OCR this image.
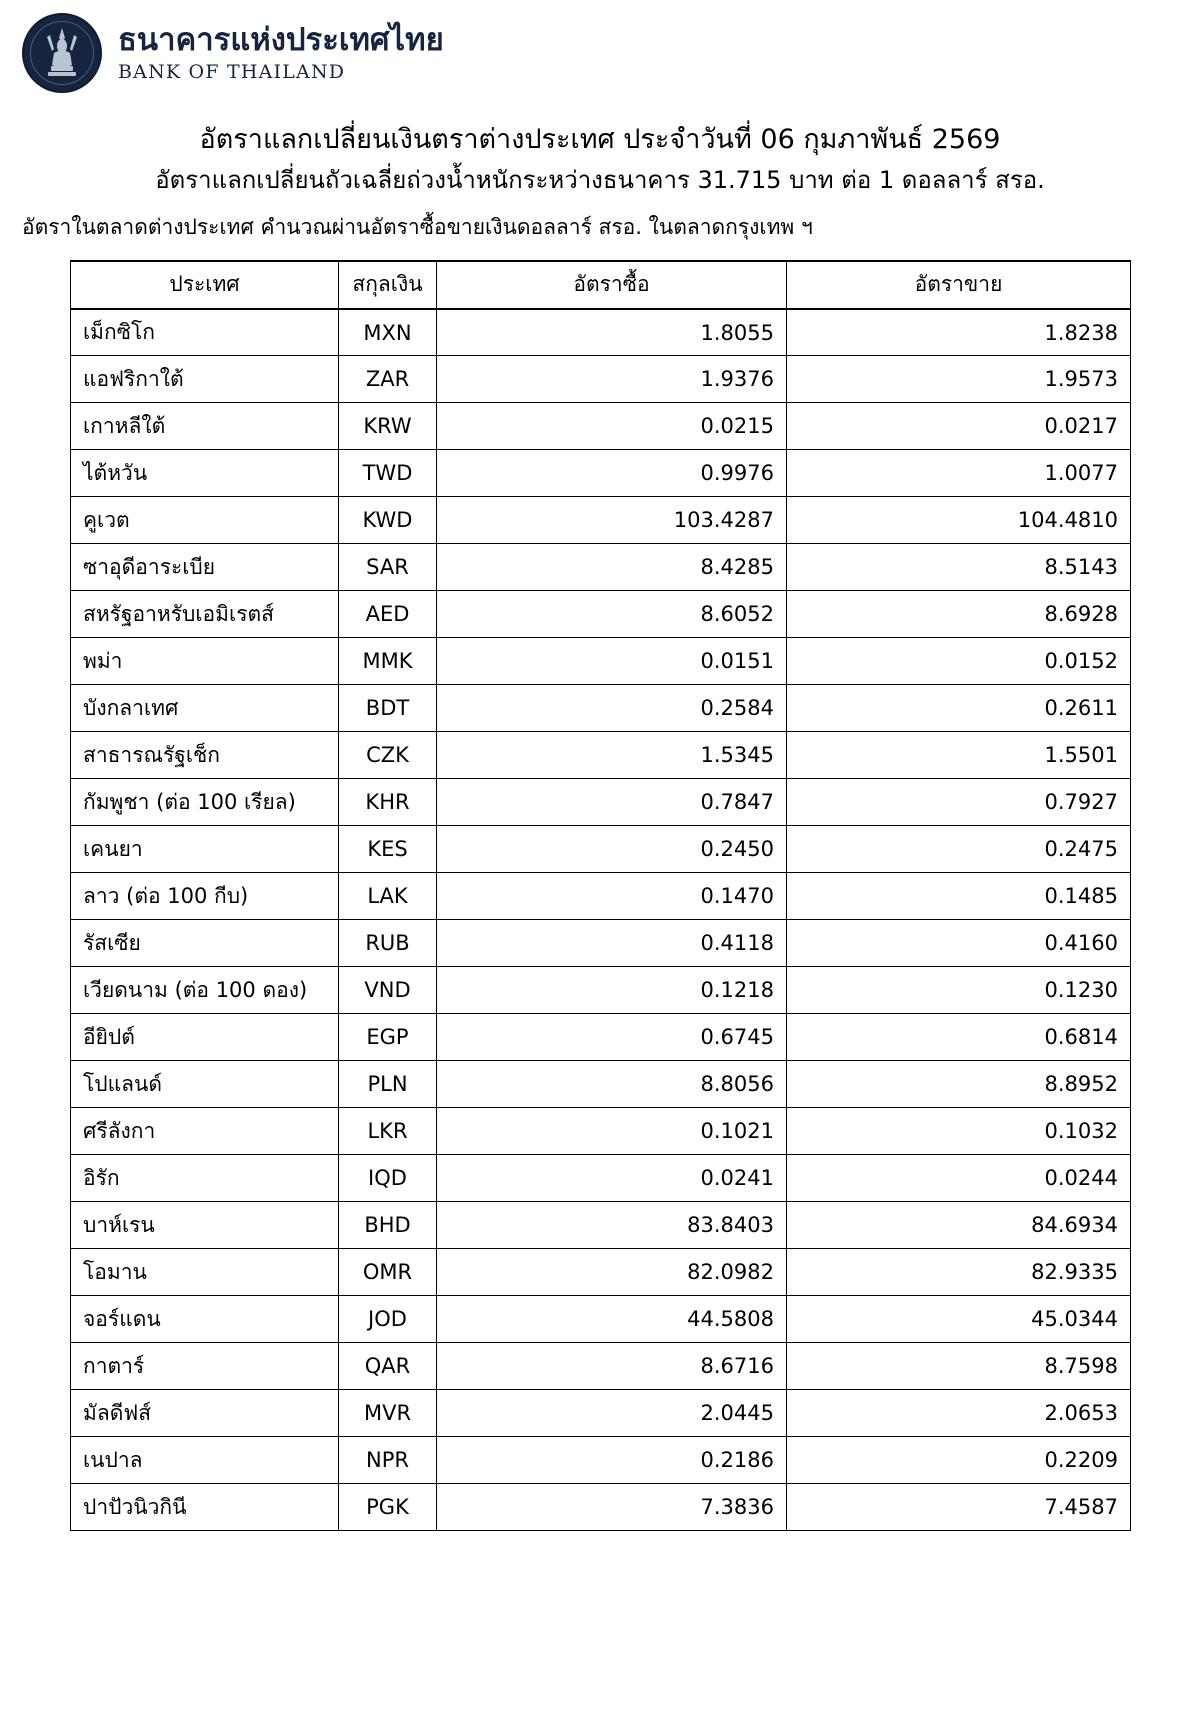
ธนาคารแห่งประเทศไทย
BANK OF THAILAND
อัตราแลกเปลี่ยนเงินตราต่างประเทศ ประจำวันที่ 06 กุมภาพันธ์ 2569
อัตราแลกเปลี่ยนถัวเฉลี่ยถ่วงน้ำหนักระหว่างธนาคาร 31.715 บาท ต่อ 1 ดอลลาร์ สรอ.
อัตราในตลาดต่างประเทศ คำนวณผ่านอัตราซื้อขายเงินดอลลาร์ สรอ. ในตลาดกรุงเทพ ฯ
ประเทศ	สกุลเงิน	อัตราซื้อ	อัตราขาย
เม็กซิโก	MXN	1.8055	1.8238
แอฟริกาใต้	ZAR	1.9376	1.9573
เกาหลีใต้	KRW	0.0215	0.0217
ไต้หวัน	TWD	0.9976	1.0077
คูเวต	KWD	103.4287	104.4810
ซาอุดีอาระเบีย	SAR	8.4285	8.5143
สหรัฐอาหรับเอมิเรตส์	AED	8.6052	8.6928
พม่า	MMK	0.0151	0.0152
บังกลาเทศ	BDT	0.2584	0.2611
สาธารณรัฐเช็ก	CZK	1.5345	1.5501
กัมพูชา (ต่อ 100 เรียล)	KHR	0.7847	0.7927
เคนยา	KES	0.2450	0.2475
ลาว (ต่อ 100 กีบ)	LAK	0.1470	0.1485
รัสเซีย	RUB	0.4118	0.4160
เวียดนาม (ต่อ 100 ดอง)	VND	0.1218	0.1230
อียิปต์	EGP	0.6745	0.6814
โปแลนด์	PLN	8.8056	8.8952
ศรีลังกา	LKR	0.1021	0.1032
อิรัก	IQD	0.0241	0.0244
บาห์เรน	BHD	83.8403	84.6934
โอมาน	OMR	82.0982	82.9335
จอร์แดน	JOD	44.5808	45.0344
กาตาร์	QAR	8.6716	8.7598
มัลดีฟส์	MVR	2.0445	2.0653
เนปาล	NPR	0.2186	0.2209
ปาปัวนิวกินี	PGK	7.3836	7.4587
